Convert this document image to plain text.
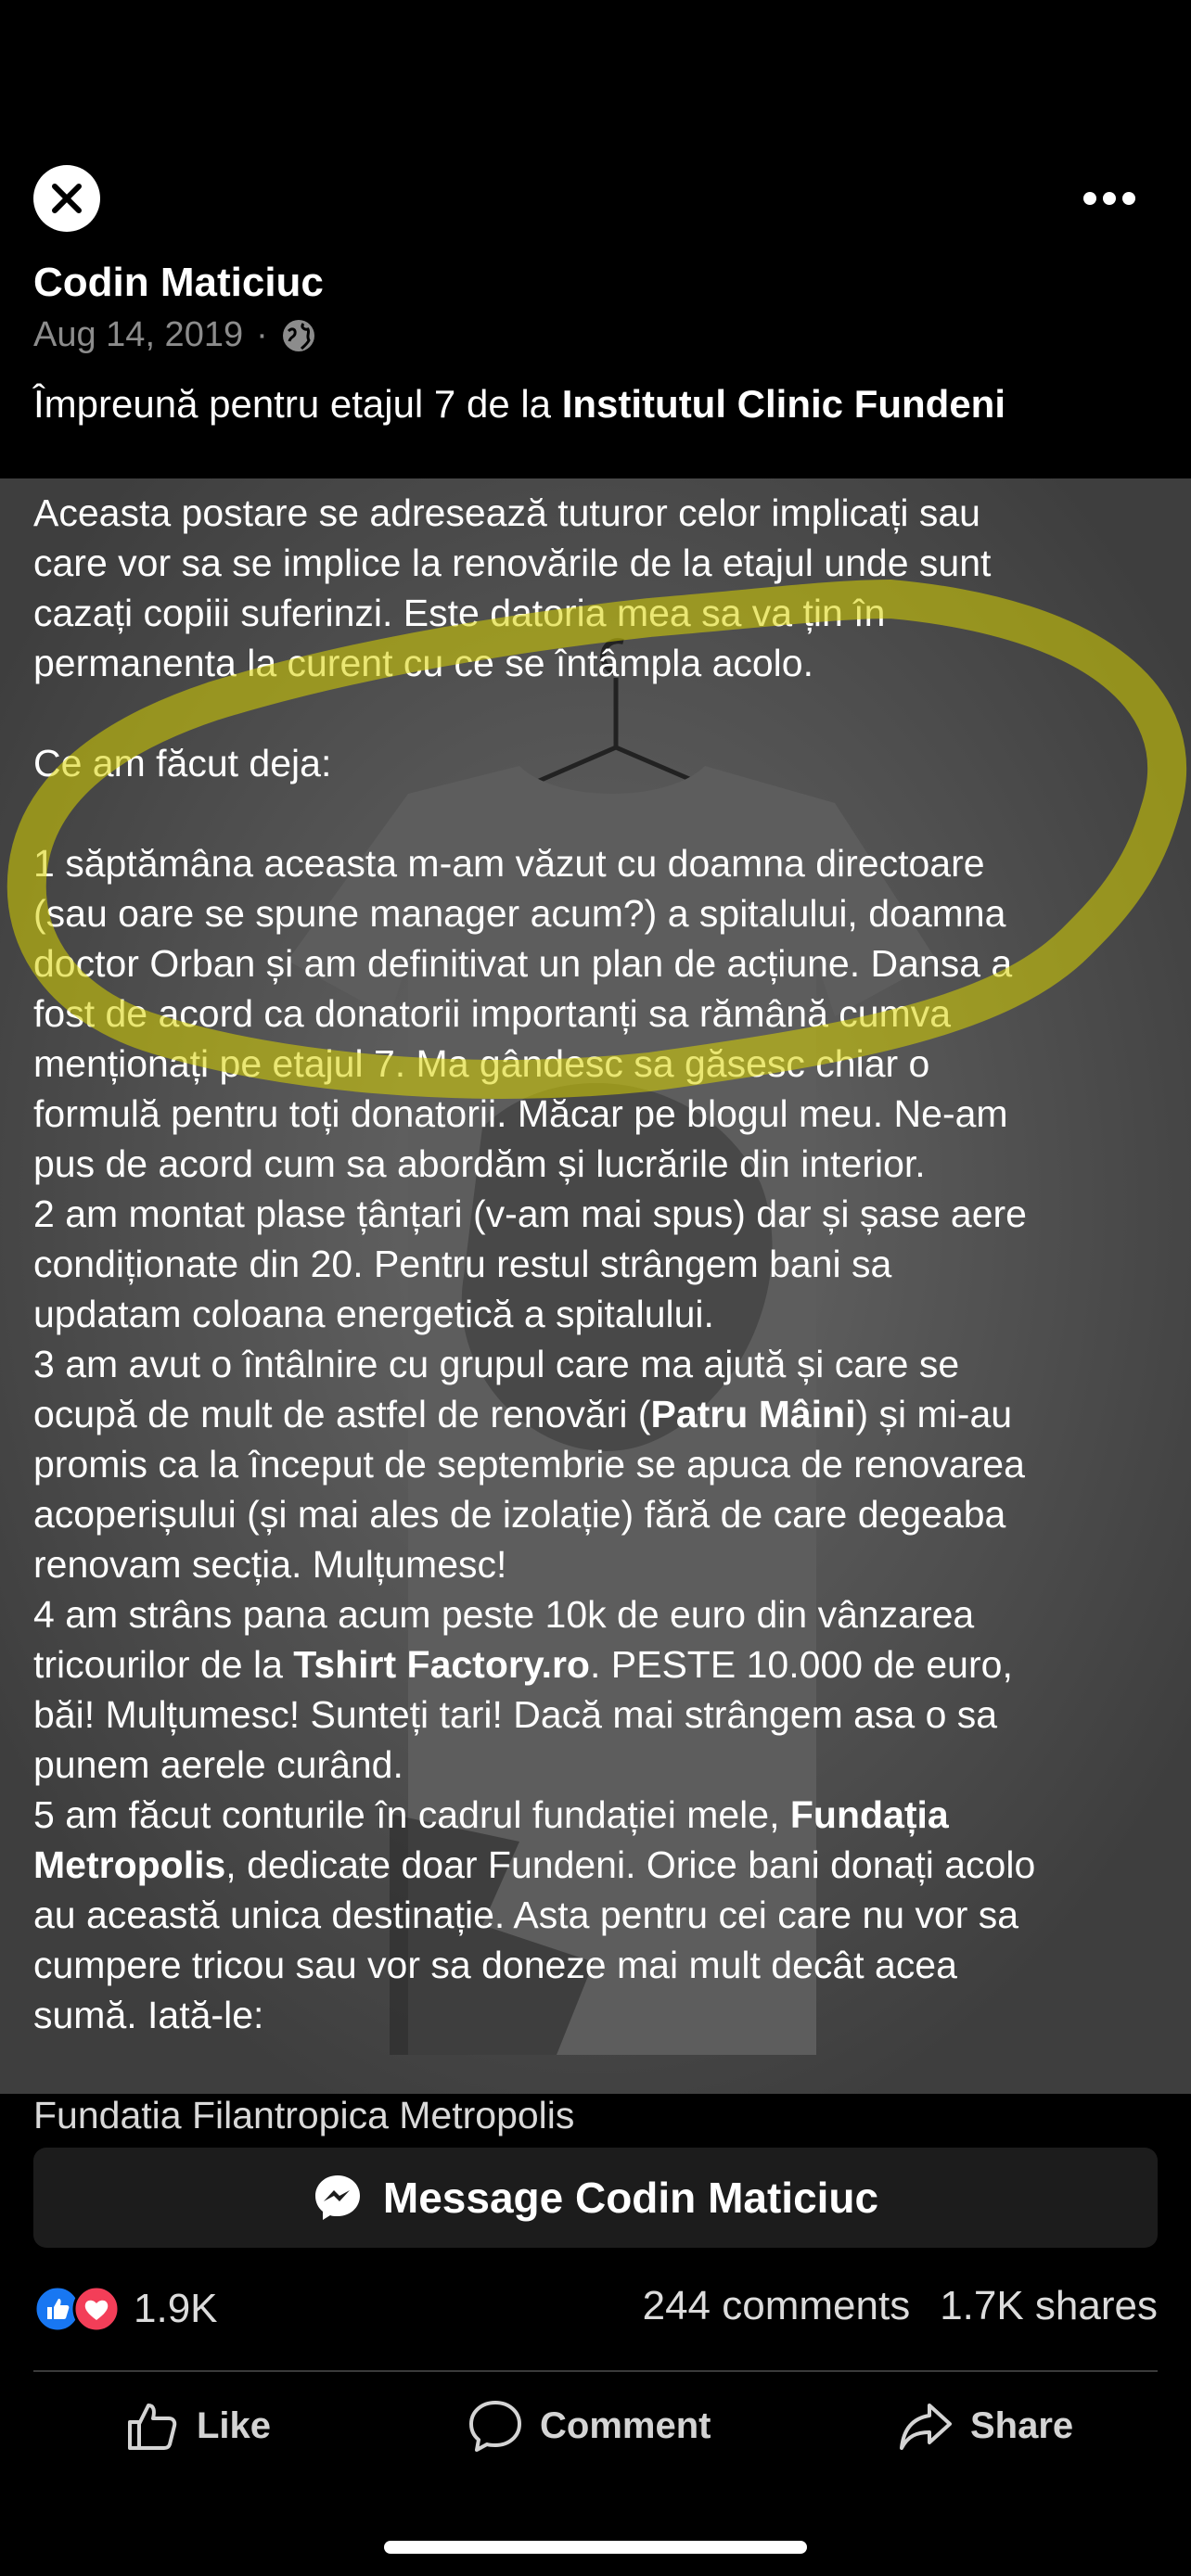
Codin Maticiuc
Aug 14, 2019 ·
Împreună pentru etajul 7 de la Institutul Clinic Fundeni

Aceasta postare se adresează tuturor celor implicați sau

care vor sa se implice la renovările de la etajul unde sunt

cazați copiii suferinzi. Este datoria mea sa va țin în

permanenta la curent cu ce se întâmpla acolo.

Ce am făcut deja:

1 săptămâna aceasta m-am văzut cu doamna directoare

(sau oare se spune manager acum?) a spitalului, doamna

doctor Orban și am definitivat un plan de acțiune. Dansa a

fost de acord ca donatorii importanți sa rămână cumva

menționați pe etajul 7. Ma gândesc sa găsesc chiar o

formulă pentru toți donatorii. Măcar pe blogul meu. Ne-am

pus de acord cum sa abordăm și lucrările din interior.

2 am montat plase țânțari (v-am mai spus) dar și șase aere

condiționate din 20. Pentru restul strângem bani sa

updatam coloana energetică a spitalului.

3 am avut o întâlnire cu grupul care ma ajută și care se

ocupă de mult de astfel de renovări (Patru Mâini) și mi-au

promis ca la început de septembrie se apuca de renovarea

acoperișului (și mai ales de izolație) fără de care degeaba

renovam secția. Mulțumesc!

4 am strâns pana acum peste 10k de euro din vânzarea

tricourilor de la Tshirt Factory.ro. PESTE 10.000 de euro,

băi! Mulțumesc! Sunteți tari! Dacă mai strângem asa o sa

punem aerele curând.

5 am făcut conturile în cadrul fundației mele, Fundația

Metropolis, dedicate doar Fundeni. Orice bani donați acolo

au această unica destinație. Asta pentru cei care nu vor sa

cumpere tricou sau vor sa doneze mai mult decât acea

sumă. Iată-le:

Fundatia Filantropica Metropolis

Message Codin Maticiuc
1.9K	244 comments 1.7K shares
Like	Comment	Share
